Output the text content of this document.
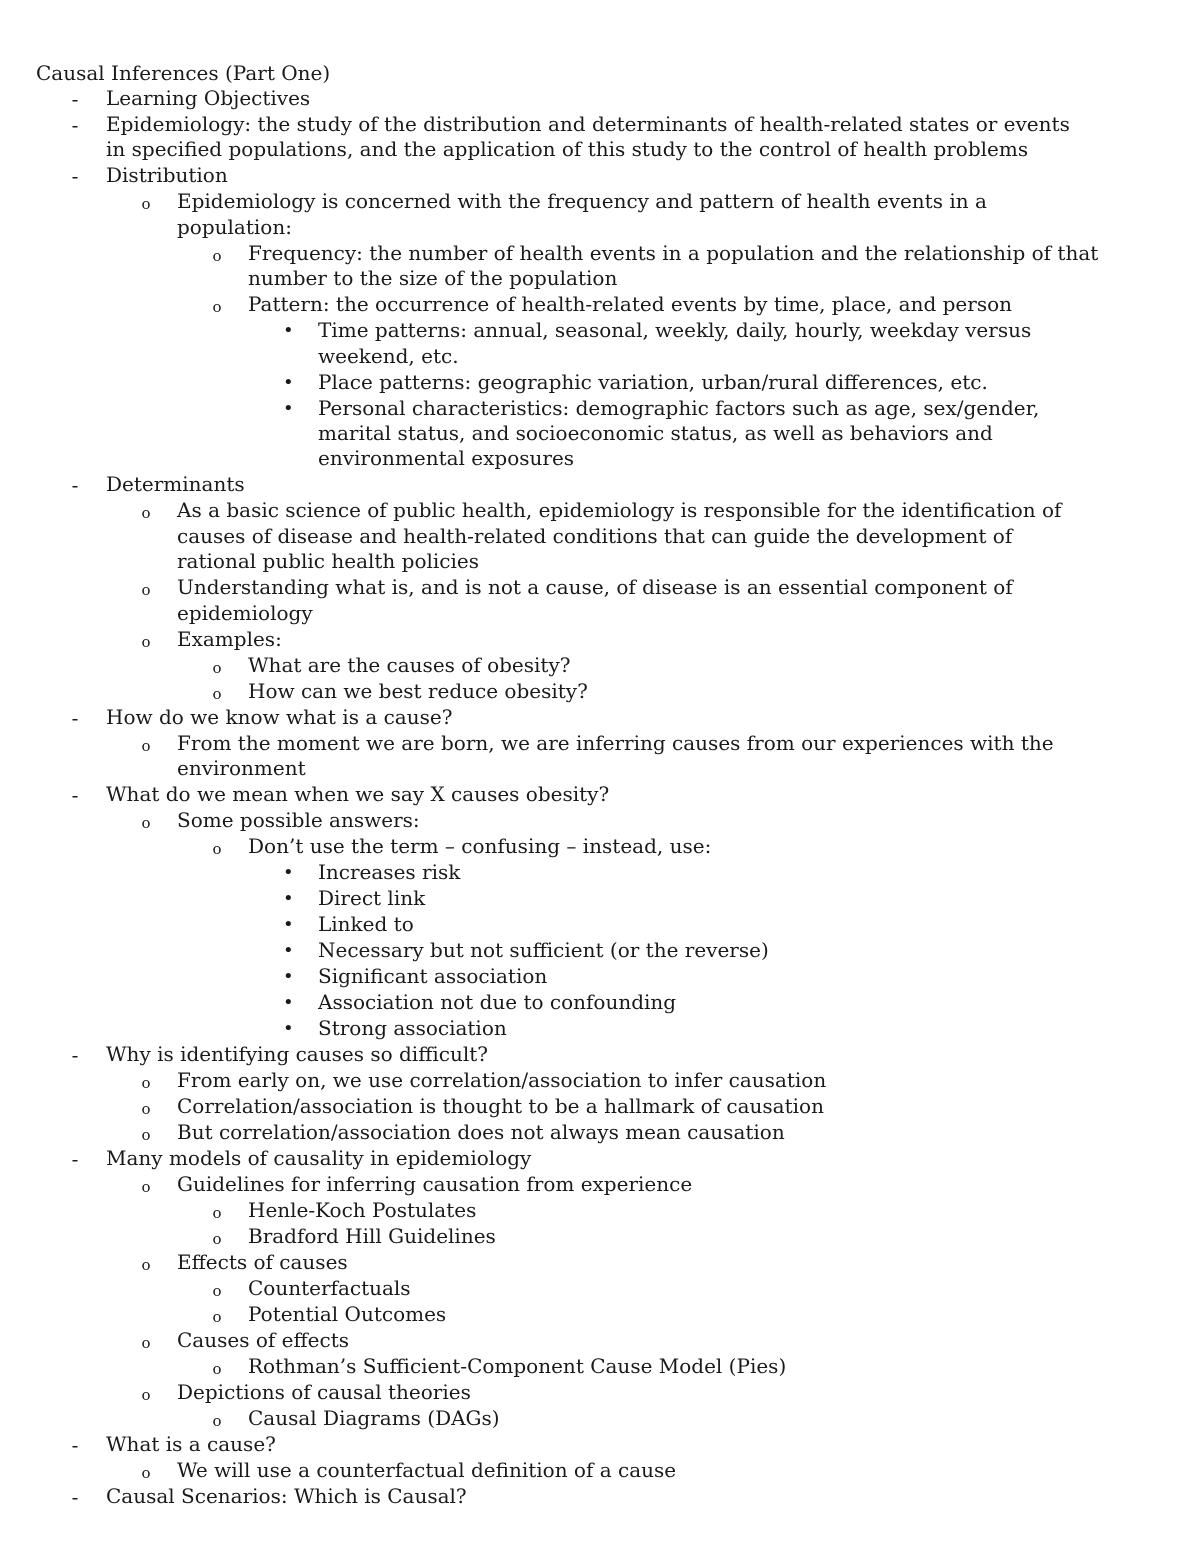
Causal Inferences (Part One)
- Learning Objectives
- Epidemiology: the study of the distribution and determinants of health-related states or events
in specified populations, and the application of this study to the control of health problems
- Distribution
o Epidemiology is concerned with the frequency and pattern of health events in a
population:
o Frequency: the number of health events in a population and the relationship of that
number to the size of the population
o Pattern: the occurrence of health-related events by time, place, and person
• Time patterns: annual, seasonal, weekly, daily, hourly, weekday versus
weekend, etc.
• Place patterns: geographic variation, urban/rural differences, etc.
• Personal characteristics: demographic factors such as age, sex/gender,
marital status, and socioeconomic status, as well as behaviors and
environmental exposures
- Determinants
o As a basic science of public health, epidemiology is responsible for the identification of
causes of disease and health-related conditions that can guide the development of
rational public health policies
o Understanding what is, and is not a cause, of disease is an essential component of
epidemiology
o Examples:
o What are the causes of obesity?
o How can we best reduce obesity?
- How do we know what is a cause?
o From the moment we are born, we are inferring causes from our experiences with the
environment
- What do we mean when we say X causes obesity?
o Some possible answers:
o Don’t use the term – confusing – instead, use:
• Increases risk
• Direct link
• Linked to
• Necessary but not sufficient (or the reverse)
• Significant association
• Association not due to confounding
• Strong association
- Why is identifying causes so difficult?
o From early on, we use correlation/association to infer causation
o Correlation/association is thought to be a hallmark of causation
o But correlation/association does not always mean causation
- Many models of causality in epidemiology
o Guidelines for inferring causation from experience
o Henle-Koch Postulates
o Bradford Hill Guidelines
o Effects of causes
o Counterfactuals
o Potential Outcomes
o Causes of effects
o Rothman’s Sufficient-Component Cause Model (Pies)
o Depictions of causal theories
o Causal Diagrams (DAGs)
- What is a cause?
o We will use a counterfactual definition of a cause
- Causal Scenarios: Which is Causal?
